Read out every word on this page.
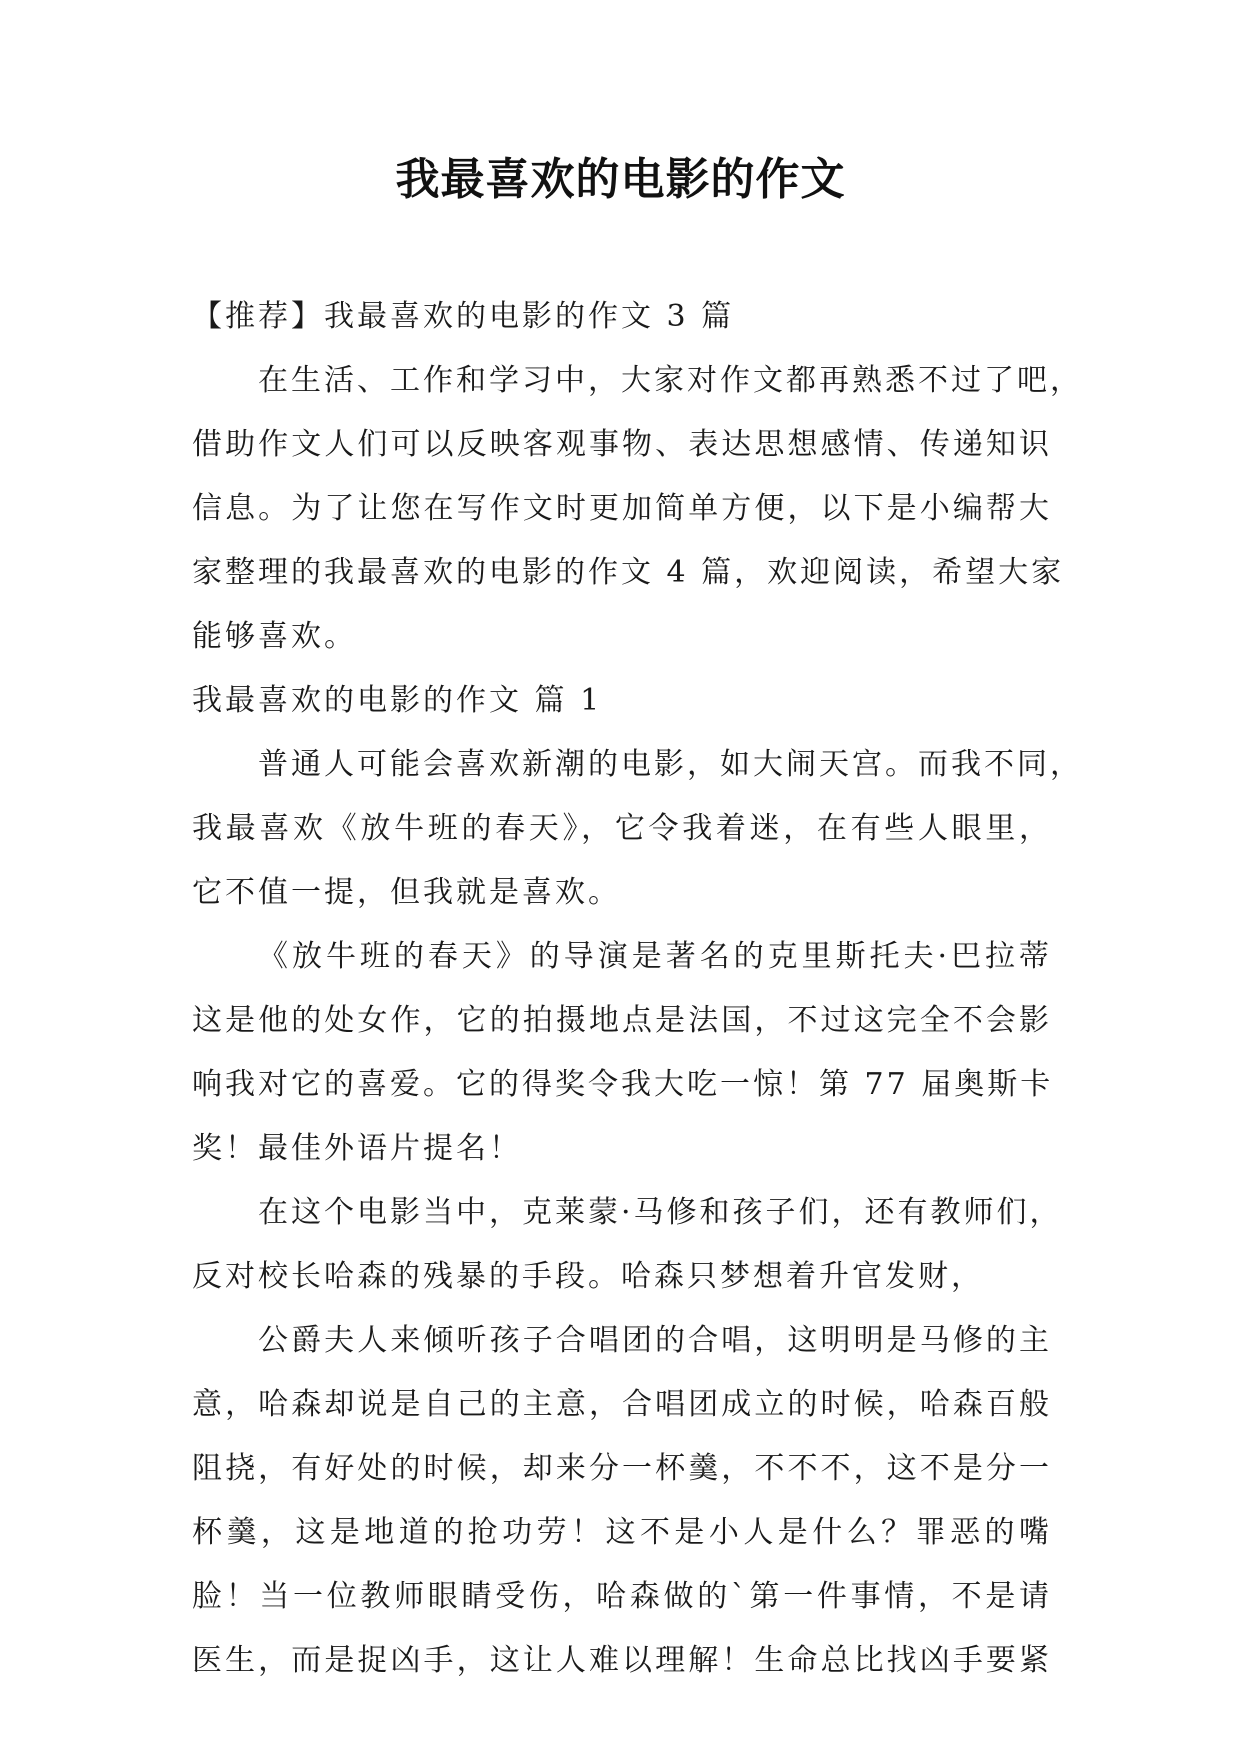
我最喜欢的电影的作文
【推荐】我最喜欢的电影的作文 3 篇
在生活、工作和学习中，大家对作文都再熟悉不过了吧，
借助作文人们可以反映客观事物、表达思想感情、传递知识
信息。为了让您在写作文时更加简单方便，以下是小编帮大
家整理的我最喜欢的电影的作文 4 篇，欢迎阅读，希望大家
能够喜欢。
我最喜欢的电影的作文 篇 1
普通人可能会喜欢新潮的电影，如大闹天宫。而我不同，
我最喜欢《放牛班的春天》，它令我着迷，在有些人眼里，
它不值一提，但我就是喜欢。
《放牛班的春天》的导演是著名的克里斯托夫·巴拉蒂
这是他的处女作，它的拍摄地点是法国，不过这完全不会影
响我对它的喜爱。它的得奖令我大吃一惊！第 77 届奥斯卡
奖！最佳外语片提名！
在这个电影当中，克莱蒙·马修和孩子们，还有教师们，
反对校长哈森的残暴的手段。哈森只梦想着升官发财，
公爵夫人来倾听孩子合唱团的合唱，这明明是马修的主
意，哈森却说是自己的主意，合唱团成立的时候，哈森百般
阻挠，有好处的时候，却来分一杯羹，不不不，这不是分一
杯羹，这是地道的抢功劳！这不是小人是什么？罪恶的嘴
脸！当一位教师眼睛受伤，哈森做的`第一件事情，不是请
医生，而是捉凶手，这让人难以理解！生命总比找凶手要紧
